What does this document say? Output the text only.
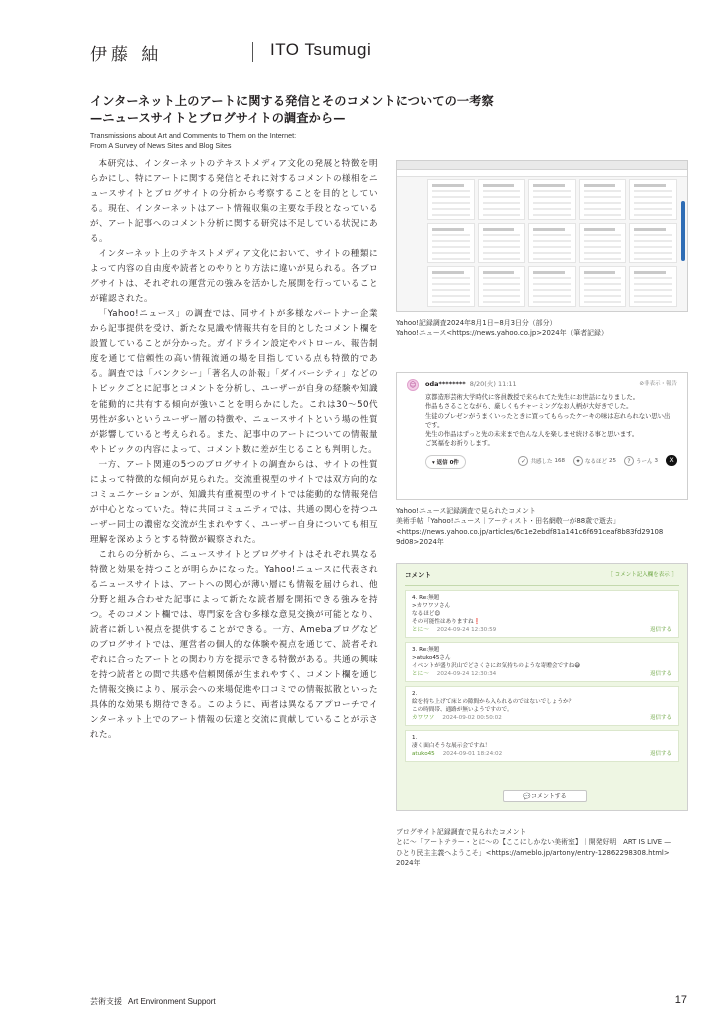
伊藤 紬	ITO Tsumugi
インターネット上のアートに関する発信とそのコメントについての一考察
—ニュースサイトとブログサイトの調査から—
Transmissions about Art and Comments to Them on the Internet:
From A Survey of News Sites and Blog Sites

本研究は、インターネットのテキストメディア文化の発展と特徴を明らかにし、特にアートに関する発信とそれに対するコメントの様相をニュースサイトとブログサイトの分析から考察することを目的としている。現在、インターネットはアート情報収集の主要な手段となっているが、アート記事へのコメント分析に関する研究は不足している状況にある。

インターネット上のテキストメディア文化において、サイトの種類によって内容の自由度や読者とのやりとり方法に違いが見られる。各ブログサイトは、それぞれの運営元の強みを活かした展開を行っていることが確認された。

「Yahoo!ニュース」の調査では、同サイトが多様なパートナー企業から記事提供を受け、新たな見識や情報共有を目的としたコメント欄を設置していることが分かった。ガイドライン設定やパトロール、報告制度を通じて信頼性の高い情報流通の場を目指している点も特徴的である。調査では「バンクシー」「著名人の訃報」「ダイバーシティ」などのトピックごとに記事とコメントを分析し、ユーザーが自身の経験や知識を能動的に共有する傾向が強いことを明らかにした。これは30〜50代男性が多いというユーザー層の特徴や、ニュースサイトという場の性質が影響していると考えられる。また、記事中のアートについての情報量やトピックの内容によって、コメント数に差が生じることも判明した。

一方、アート関連の5つのブログサイトの調査からは、サイトの性質によって特徴的な傾向が見られた。交流重視型のサイトでは双方向的なコミュニケーションが、知識共有重視型のサイトでは能動的な情報発信が中心となっていた。特に共同コミュニティでは、共通の関心を持つユーザー同士の濃密な交流が生まれやすく、ユーザー自身についても相互理解を深めようとする特徴が観察された。

これらの分析から、ニュースサイトとブログサイトはそれぞれ異なる特徴と効果を持つことが明らかになった。Yahoo!ニュースに代表されるニュースサイトは、アートへの関心が薄い層にも情報を届けられ、他分野と組み合わせた記事によって新たな読者層を開拓できる強みを持つ。そのコメント欄では、専門家を含む多様な意見交換が可能となり、読者に新しい視点を提供することができる。一方、Amebaブログなどのブログサイトでは、運営者の個人的な体験や視点を通じて、読者それぞれに合ったアートとの関わり方を提示できる特徴がある。共通の興味を持つ読者との間で共感や信頼関係が生まれやすく、コメント欄を通じた情報交換により、展示会への来場促進や口コミでの情報拡散といった具体的な効果も期待できる。このように、両者は異なるアプローチでインターネット上でのアート情報の伝達と交流に貢献していることが示された。

Yahoo!記録調査2024年8月1日−8月3日分（部分）
Yahoo!ニュース<https://news.yahoo.co.jp>2024年（筆者記録）
☺	oda******** 8/20(火) 11:11	⊘非表示・報告
京都造形芸術大学時代に客員教授で来られてた先生にお世話になりました。
作品もさることながら、厳しくもチャーミングなお人柄が大好きでした。
生徒のプレゼンがうまくいったときに買ってもらったケーキの味は忘れられない思い出です。
先生の作品はずっと先の未来まで色んな人を楽しませ続ける事と思います。
ご冥福をお祈りします。
▾ 返信 0件	✓ 共感した 168	✦ なるほど 25	? うーん 3	X
Yahoo!ニュース記録調査で見られたコメント
美術手帖「Yahoo!ニュース｜アーティスト・田名網敬一が88歳で逝去」
<https://news.yahoo.co.jp/articles/6c1e2ebdf81a141c6f691ceaf8b83fd29108
9d08>2024年
コメント	［ コメント記入欄を表示 ］
4. Re:無題
>カワワソさん
なるほど😊
その可能性はありますね❗
とに〜 2024-09-24 12:30:59	返信する
3. Re:無題
>atuko45さん
イベントが盛り沢山でどさくさにお気持ちのような寄贈会ですね😅
とに〜 2024-09-24 12:30:34	返信する
2.
絵を持ち上げて床との隙間から入られるのではないでしょうか？
この時間帯、通路が無いようですので。
カワワソ 2024-09-02 00:50:02	返信する
1.
凄く面白そうな展示会ですね！
atuko45 2024-09-01 18:24:02	返信する
💬コメントする
ブログサイト記録調査で見られたコメント
とに〜「アートテラー・とに〜の【ここにしかない美術室】｜開発好明　ART IS LIVE —
ひとり民主主義へようこそ」<https://ameblo.jp/artony/entry-12862298308.html>
2024年
芸術支援 Art Environment Support	17
